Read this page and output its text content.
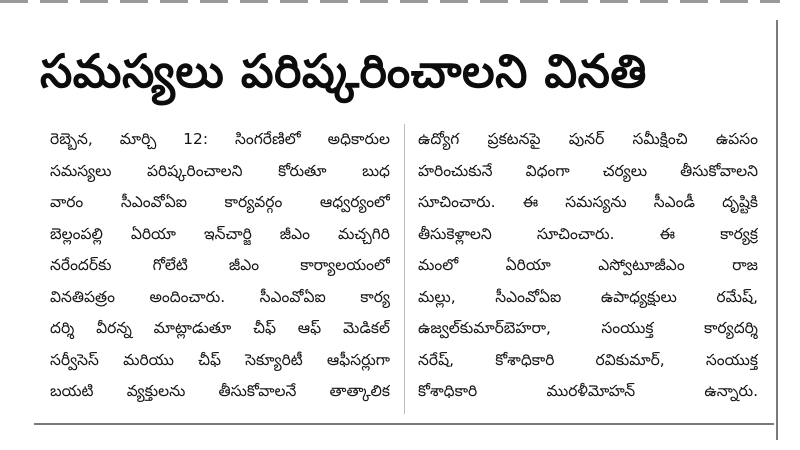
సమస్యలు పరిష్కరించాలని వినతి
రెబ్బెన, మార్చి 12: సింగరేణిలో అధికారుల
సమస్యలు పరిష్కరించాలని కోరుతూ బుధ
వారం సీఎంవోఏఐ కార్యవర్గం ఆధ్వర్యంలో
బెల్లంపల్లి ఏరియా ఇన్‌చార్జి జీఎం మచ్చగిరి
నరేందర్‌కు గోలేటి జీఎం కార్యాలయంలో
వినతిపత్రం అందించారు. సీఎంవోఏఐ కార్య
దర్శి వీరన్న మాట్లాడుతూ చీఫ్ ఆఫ్ మెడికల్
సర్వీసెస్ మరియు చీఫ్ సెక్యూరిటీ ఆఫీసర్లుగా
బయటి వ్యక్తులను తీసుకోవాలనే తాత్కాలిక
ఉద్యోగ ప్రకటనపై పునర్ సమీక్షించి ఉపసం
హరించుకునే విధంగా చర్యలు తీసుకోవాలని
సూచించారు. ఈ సమస్యను సీఎండీ దృష్టికి
తీసుకెళ్లాలని సూచించారు. ఈ కార్యక్ర
మంలో ఏరియా ఎస్వోటూజీఎం రాజ
మల్లు, సీఎంవోఏఐ ఉపాధ్యక్షులు రమేష్,
ఉజ్వల్‌కుమార్‌బెహరా, సంయుక్త కార్యదర్శి
నరేష్, కోశాధికారి రవికుమార్, సంయుక్త
కోశాధికారి మురళీమోహన్ ఉన్నారు.
